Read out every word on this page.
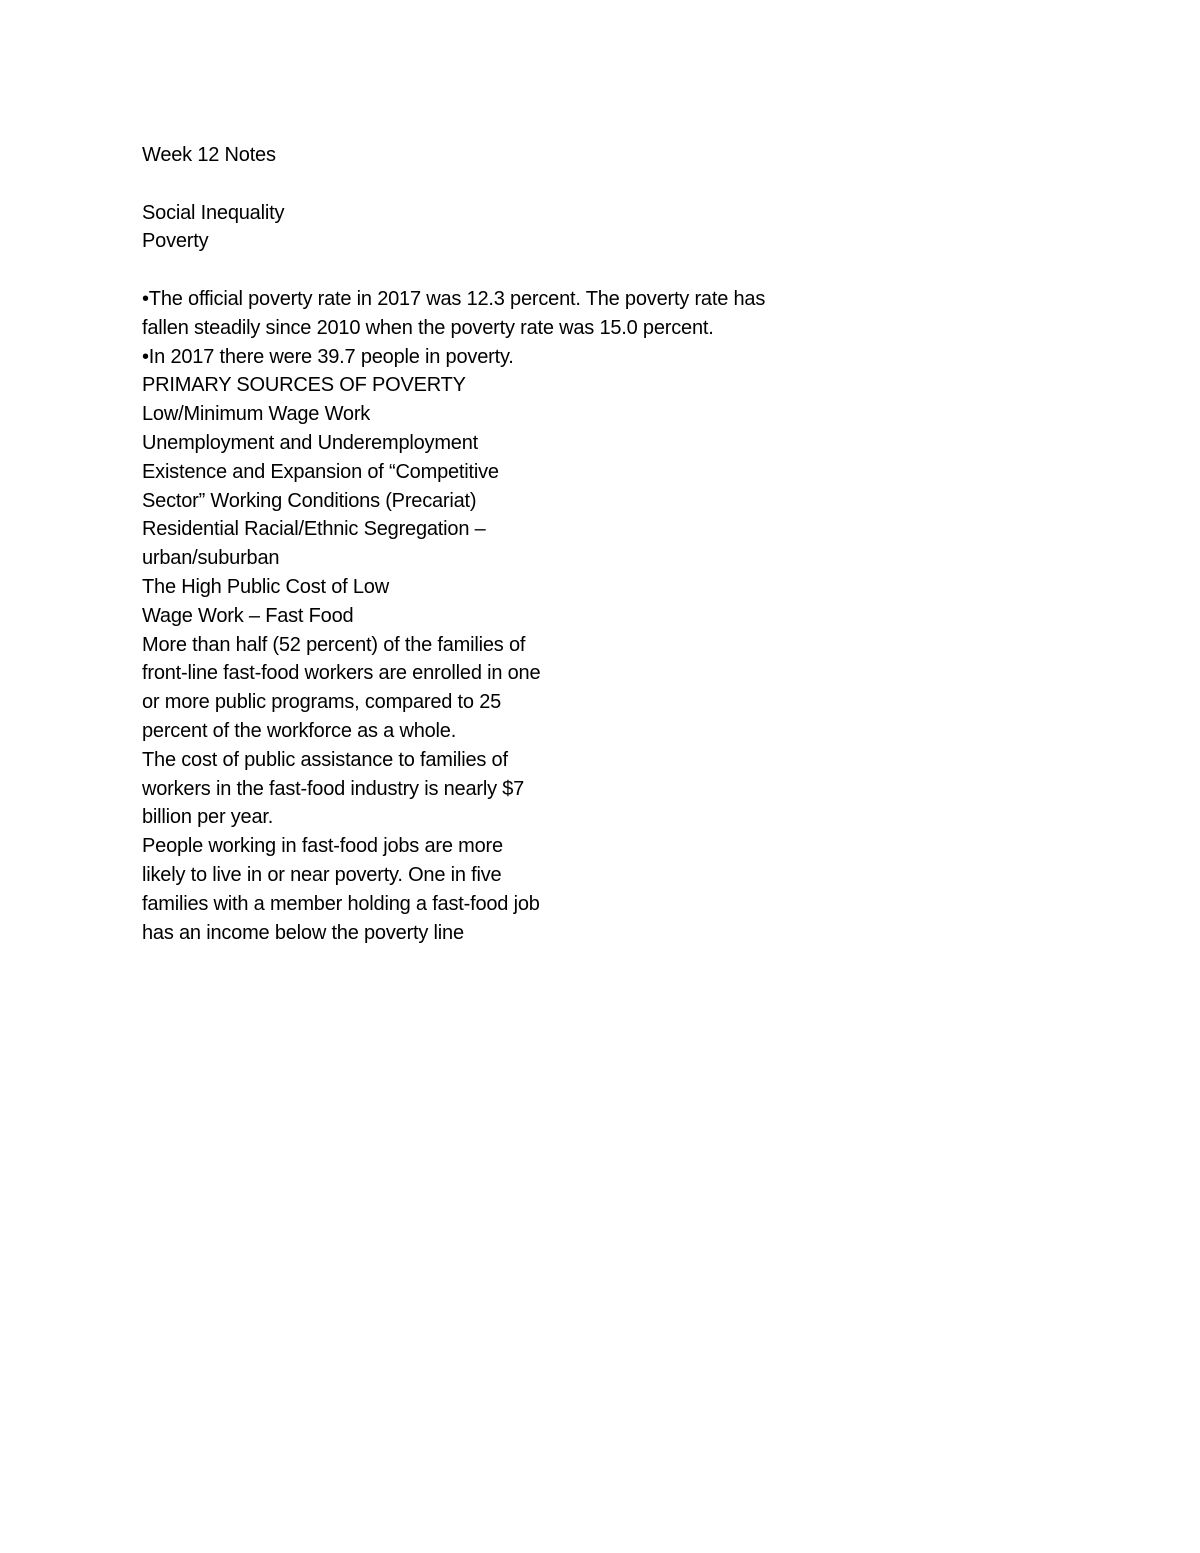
Week 12 Notes
Social Inequality
Poverty
•The official poverty rate in 2017 was 12.3 percent. The poverty rate has
fallen steadily since 2010 when the poverty rate was 15.0 percent.
•In 2017 there were 39.7 people in poverty.
PRIMARY SOURCES OF POVERTY
Low/Minimum Wage Work
Unemployment and Underemployment
Existence and Expansion of “Competitive
Sector” Working Conditions (Precariat)
Residential Racial/Ethnic Segregation –
urban/suburban
The High Public Cost of Low
Wage Work – Fast Food
More than half (52 percent) of the families of
front-line fast-food workers are enrolled in one
or more public programs, compared to 25
percent of the workforce as a whole.
The cost of public assistance to families of
workers in the fast-food industry is nearly $7
billion per year.
People working in fast-food jobs are more
likely to live in or near poverty. One in five
families with a member holding a fast-food job
has an income below the poverty line
